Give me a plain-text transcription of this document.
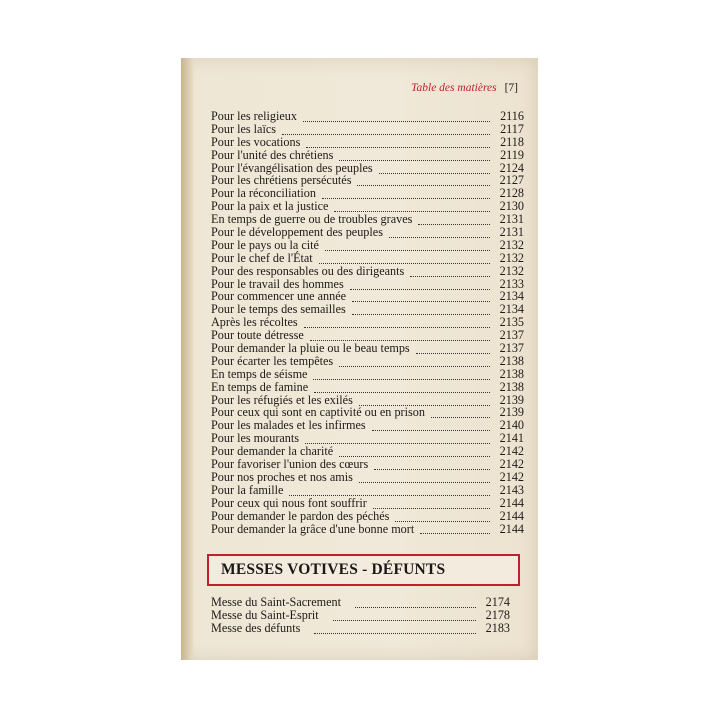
Table des matières [7]
Pour les religieux	2116
Pour les laïcs	2117
Pour les vocations	2118
Pour l'unité des chrétiens	2119
Pour l'évangélisation des peuples	2124
Pour les chrétiens persécutés	2127
Pour la réconciliation	2128
Pour la paix et la justice	2130
En temps de guerre ou de troubles graves	2131
Pour le développement des peuples	2131
Pour le pays ou la cité	2132
Pour le chef de l'État	2132
Pour des responsables ou des dirigeants	2132
Pour le travail des hommes	2133
Pour commencer une année	2134
Pour le temps des semailles	2134
Après les récoltes	2135
Pour toute détresse	2137
Pour demander la pluie ou le beau temps	2137
Pour écarter les tempêtes	2138
En temps de séisme	2138
En temps de famine	2138
Pour les réfugiés et les exilés	2139
Pour ceux qui sont en captivité ou en prison	2139
Pour les malades et les infirmes	2140
Pour les mourants	2141
Pour demander la charité	2142
Pour favoriser l'union des cœurs	2142
Pour nos proches et nos amis	2142
Pour la famille	2143
Pour ceux qui nous font souffrir	2144
Pour demander le pardon des péchés	2144
Pour demander la grâce d'une bonne mort	2144
MESSES VOTIVES - DÉFUNTS
Messe du Saint-Sacrement	2174
Messe du Saint-Esprit	2178
Messe des défunts	2183
